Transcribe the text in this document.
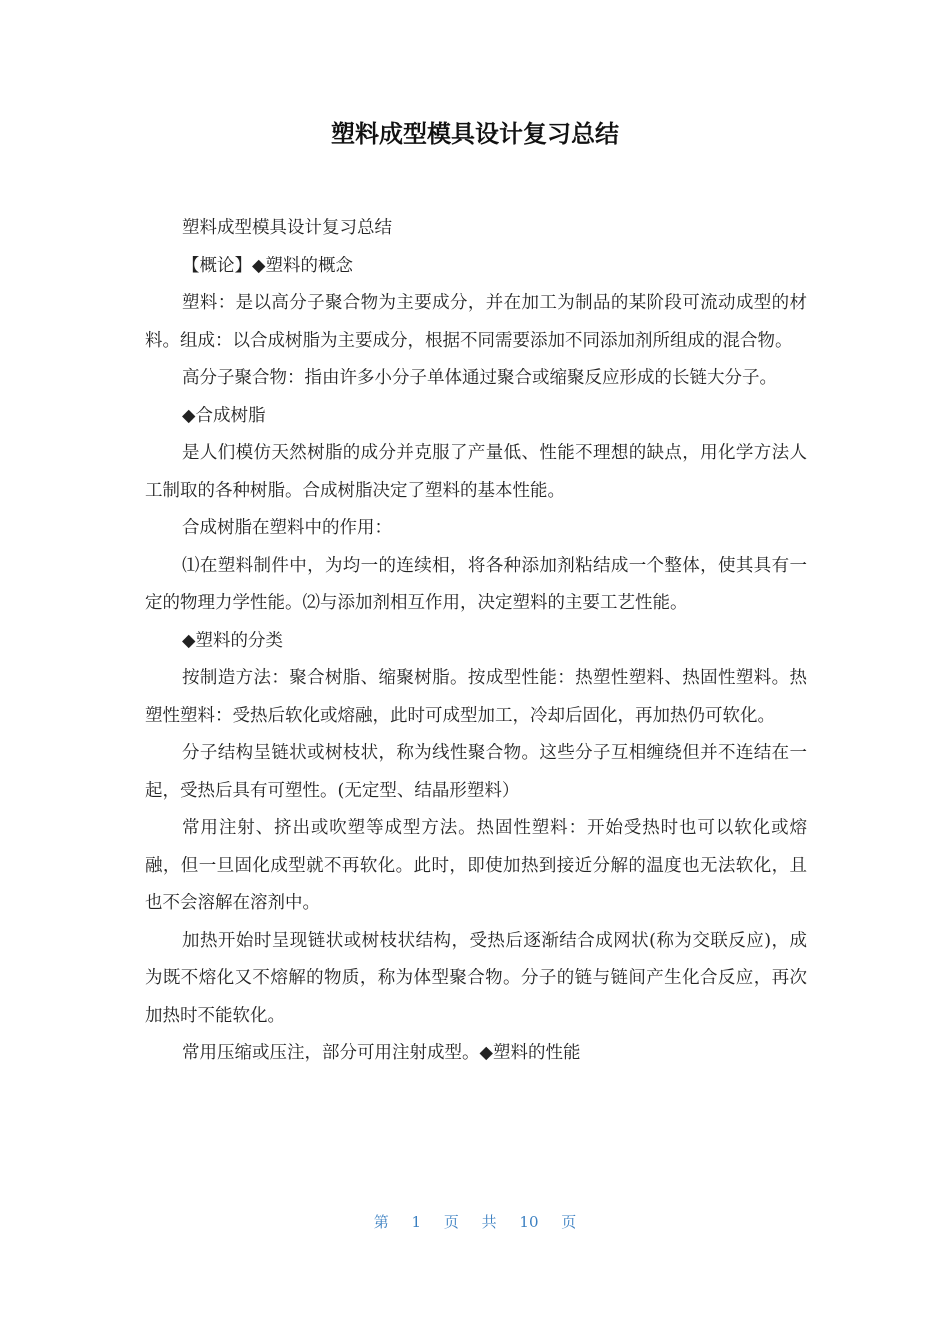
塑料成型模具设计复习总结

塑料成型模具设计复习总结

【概论】◆塑料的概念

塑料：是以高分子聚合物为主要成分，并在加工为制品的某阶段可流动成型的材料。组成：以合成树脂为主要成分，根据不同需要添加不同添加剂所组成的混合物。

高分子聚合物：指由许多小分子单体通过聚合或缩聚反应形成的长链大分子。

◆合成树脂

是人们模仿天然树脂的成分并克服了产量低、性能不理想的缺点，用化学方法人工制取的各种树脂。合成树脂决定了塑料的基本性能。

合成树脂在塑料中的作用：

⑴在塑料制件中，为均一的连续相，将各种添加剂粘结成一个整体，使其具有一定的物理力学性能。⑵与添加剂相互作用，决定塑料的主要工艺性能。

◆塑料的分类

按制造方法：聚合树脂、缩聚树脂。按成型性能：热塑性塑料、热固性塑料。热塑性塑料：受热后软化或熔融，此时可成型加工，冷却后固化，再加热仍可软化。

分子结构呈链状或树枝状，称为线性聚合物。这些分子互相缠绕但并不连结在一起，受热后具有可塑性。(无定型、结晶形塑料）

常用注射、挤出或吹塑等成型方法。热固性塑料：开始受热时也可以软化或熔融，但一旦固化成型就不再软化。此时，即使加热到接近分解的温度也无法软化，且也不会溶解在溶剂中。

加热开始时呈现链状或树枝状结构，受热后逐渐结合成网状(称为交联反应)，成为既不熔化又不熔解的物质，称为体型聚合物。分子的链与链间产生化合反应，再次加热时不能软化。

常用压缩或压注，部分可用注射成型。◆塑料的性能

第 1 页 共 10 页
